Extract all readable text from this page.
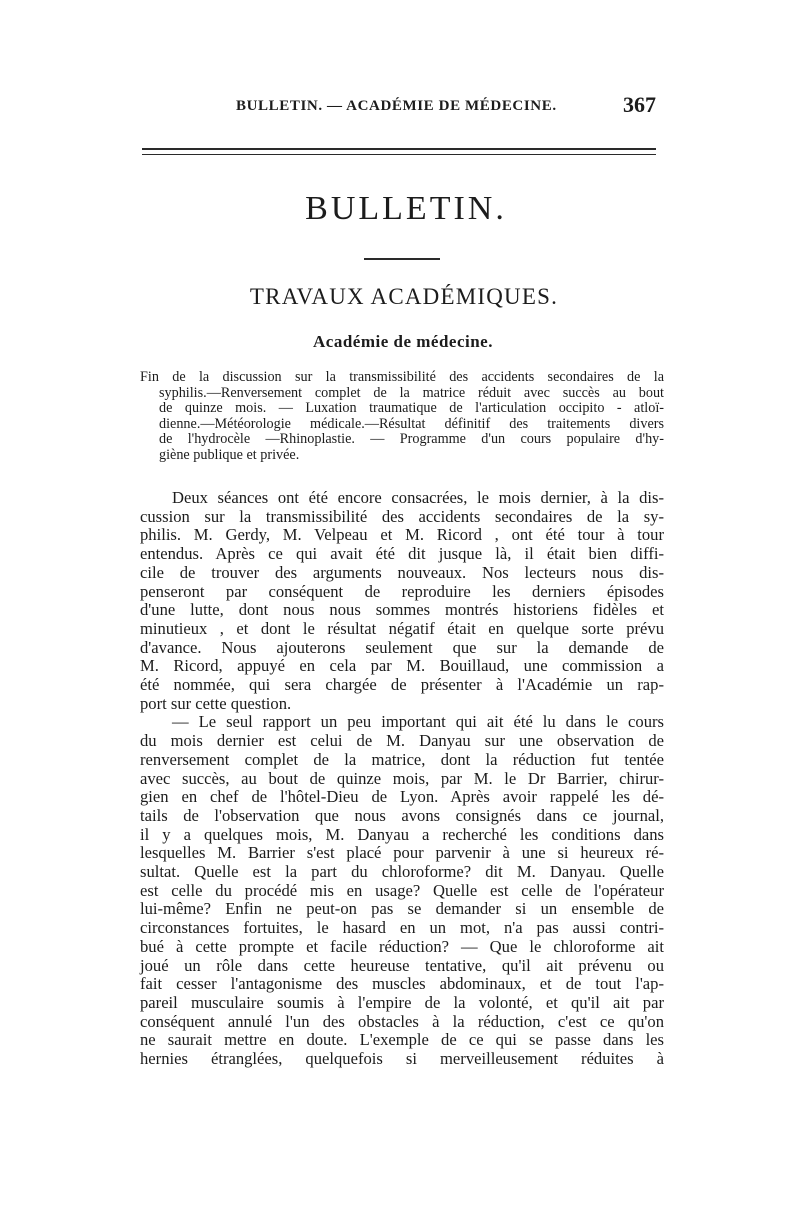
BULLETIN. — ACADÉMIE DE MÉDECINE.	367
BULLETIN.
TRAVAUX ACADÉMIQUES.
Académie de médecine.
Fin de la discussion sur la transmissibilité des accidents secondaires de la
syphilis.—Renversement complet de la matrice réduit avec succès au bout
de quinze mois. — Luxation traumatique de l'articulation occipito - atloï-
dienne.—Météorologie médicale.—Résultat définitif des traitements divers
de l'hydrocèle —Rhinoplastie. — Programme d'un cours populaire d'hy-
giène publique et privée.
Deux séances ont été encore consacrées, le mois dernier, à la dis-
cussion sur la transmissibilité des accidents secondaires de la sy-
philis. M. Gerdy, M. Velpeau et M. Ricord , ont été tour à tour
entendus. Après ce qui avait été dit jusque là, il était bien diffi-
cile de trouver des arguments nouveaux. Nos lecteurs nous dis-
penseront par conséquent de reproduire les derniers épisodes
d'une lutte, dont nous nous sommes montrés historiens fidèles et
minutieux , et dont le résultat négatif était en quelque sorte prévu
d'avance. Nous ajouterons seulement que sur la demande de
M. Ricord, appuyé en cela par M. Bouillaud, une commission a
été nommée, qui sera chargée de présenter à l'Académie un rap-
port sur cette question.
— Le seul rapport un peu important qui ait été lu dans le cours
du mois dernier est celui de M. Danyau sur une observation de
renversement complet de la matrice, dont la réduction fut tentée
avec succès, au bout de quinze mois, par M. le Dr Barrier, chirur-
gien en chef de l'hôtel-Dieu de Lyon. Après avoir rappelé les dé-
tails de l'observation que nous avons consignés dans ce journal,
il y a quelques mois, M. Danyau a recherché les conditions dans
lesquelles M. Barrier s'est placé pour parvenir à une si heureux ré-
sultat. Quelle est la part du chloroforme? dit M. Danyau. Quelle
est celle du procédé mis en usage? Quelle est celle de l'opérateur
lui-même? Enfin ne peut-on pas se demander si un ensemble de
circonstances fortuites, le hasard en un mot, n'a pas aussi contri-
bué à cette prompte et facile réduction? — Que le chloroforme ait
joué un rôle dans cette heureuse tentative, qu'il ait prévenu ou
fait cesser l'antagonisme des muscles abdominaux, et de tout l'ap-
pareil musculaire soumis à l'empire de la volonté, et qu'il ait par
conséquent annulé l'un des obstacles à la réduction, c'est ce qu'on
ne saurait mettre en doute. L'exemple de ce qui se passe dans les
hernies étranglées, quelquefois si merveilleusement réduites à
